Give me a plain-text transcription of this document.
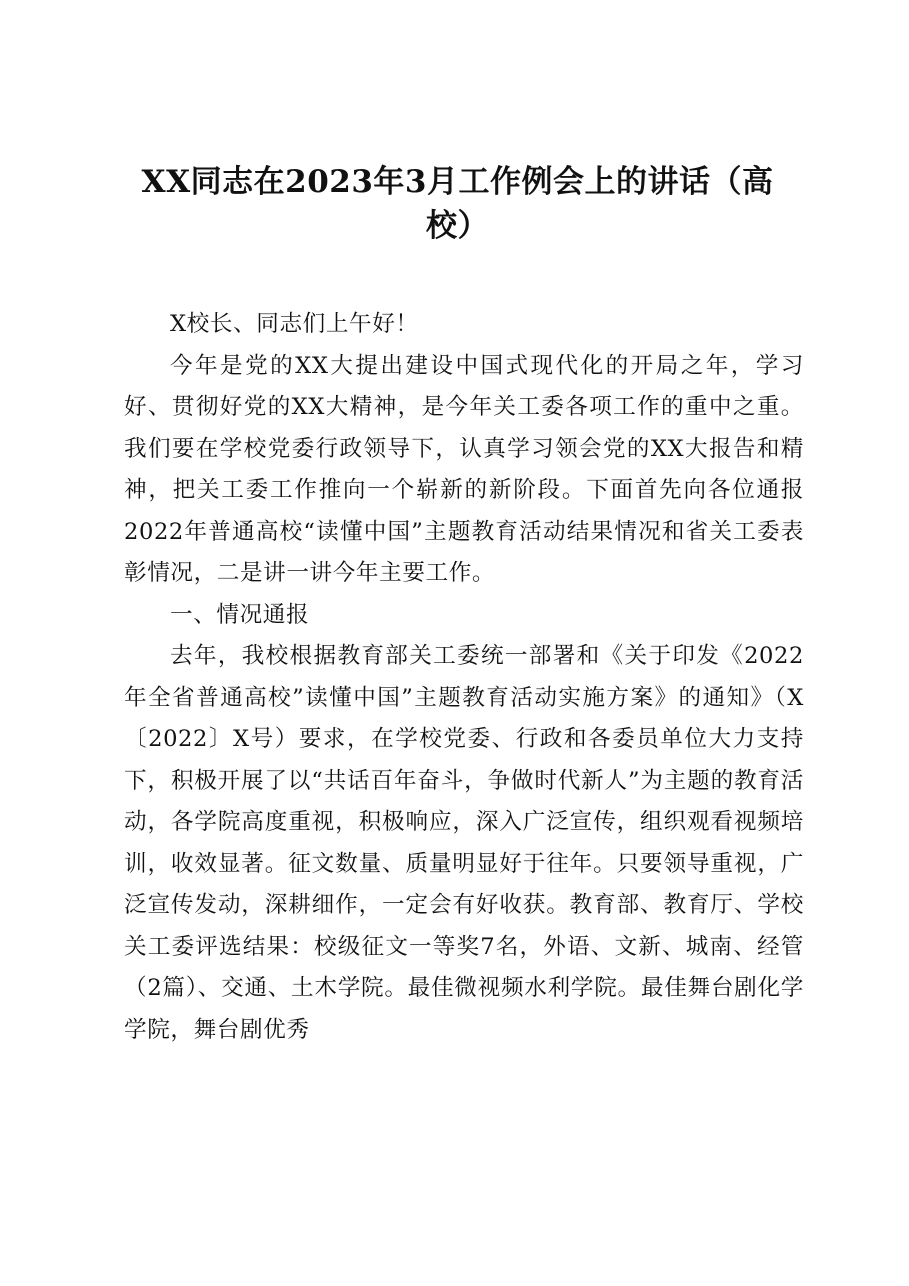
XX同志在2023年3月工作例会上的讲话（高校）

X校长、同志们上午好！

今年是党的XX大提出建设中国式现代化的开局之年，学习好、贯彻好党的XX大精神，是今年关工委各项工作的重中之重。我们要在学校党委行政领导下，认真学习领会党的XX大报告和精神，把关工委工作推向一个崭新的新阶段。下面首先向各位通报2022年普通高校“读懂中国”主题教育活动结果情况和省关工委表彰情况，二是讲一讲今年主要工作。

一、情况通报

去年，我校根据教育部关工委统一部署和《关于印发《2022年全省普通高校”读懂中国”主题教育活动实施方案》的通知》（X〔2022〕X号）要求，在学校党委、行政和各委员单位大力支持下，积极开展了以“共话百年奋斗，争做时代新人”为主题的教育活动，各学院高度重视，积极响应，深入广泛宣传，组织观看视频培训，收效显著。征文数量、质量明显好于往年。只要领导重视，广泛宣传发动，深耕细作，一定会有好收获。教育部、教育厅、学校关工委评选结果：校级征文一等奖7名，外语、文新、城南、经管（2篇）、交通、土木学院。最佳微视频水利学院。最佳舞台剧化学学院，舞台剧优秀
